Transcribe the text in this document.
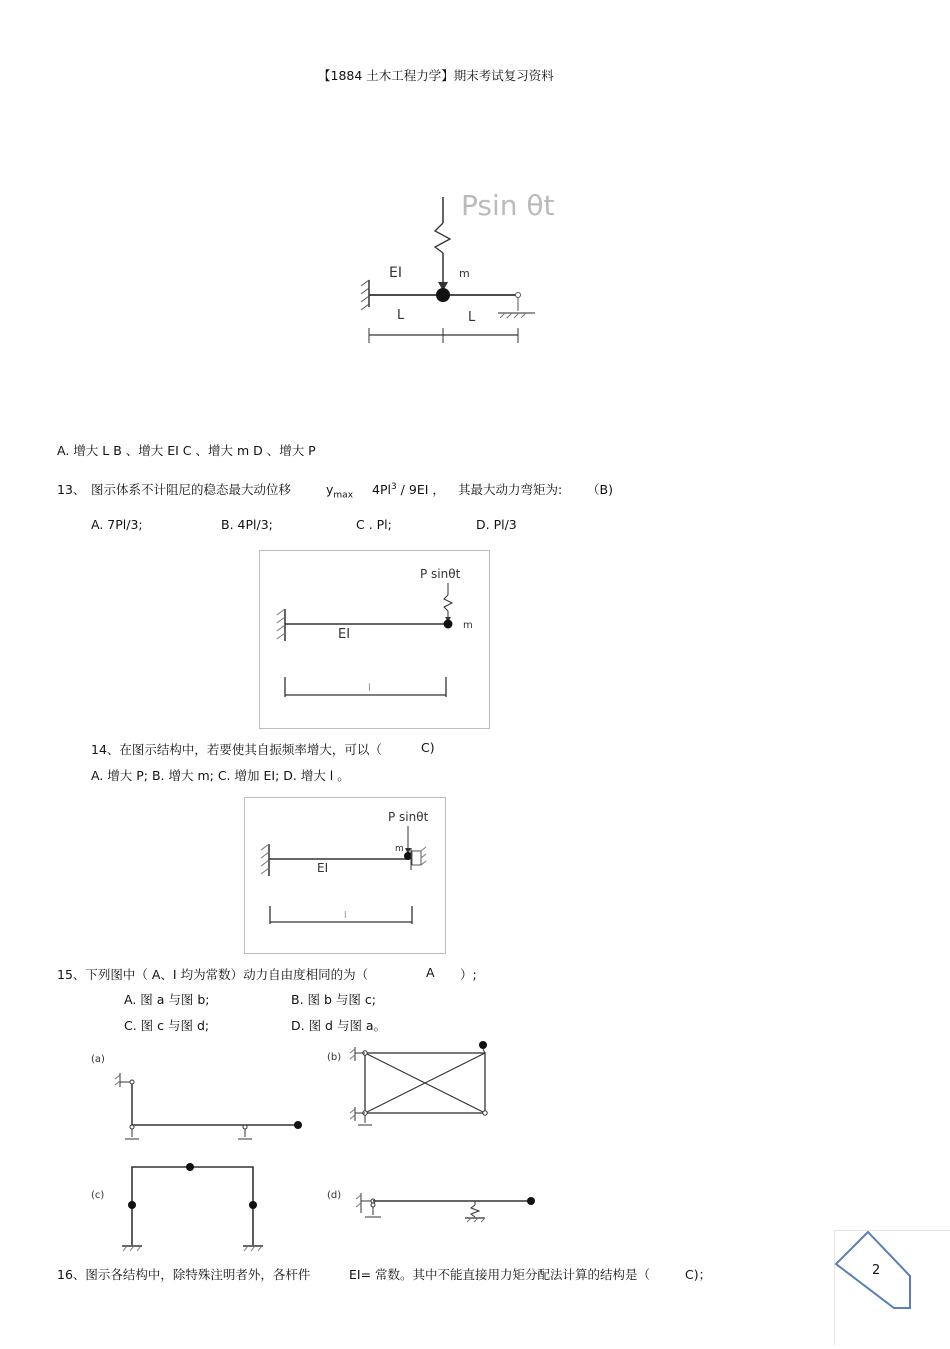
【1884 土木工程力学】期末考试复习资料
Psin θt
EI	m
L	L
A. 增大 L B 、增大 EI C 、增大 m D 、增大 P
13、 图示体系不计阻尼的稳态最大动位移	$y_{max}$ 4Pl$^3$ / 9EI ， 其最大动力弯矩为: （B)
A. 7Pl/3;	B. 4Pl/3;	C . Pl;	D. Pl/3
P sinθt
m
EI
l
14、在图示结构中，若要使其自振频率增大，可以（	C)
A. 增大 P; B. 增大 m; C. 增加 EI; D. 增大 l 。
P sinθt
m
EI
l
15、下列图中（ A、I 均为常数）动力自由度相同的为（	A ）;
A. 图 a 与图 b;	B. 图 b 与图 c;
C. 图 c 与图 d;	D. 图 d 与图 a。
(a)	(b)
(c)	(d)
16、图示各结构中，除特殊注明者外，各杆件	EI= 常数。其中不能直接用力矩分配法计算的结构是（	C)；	2
